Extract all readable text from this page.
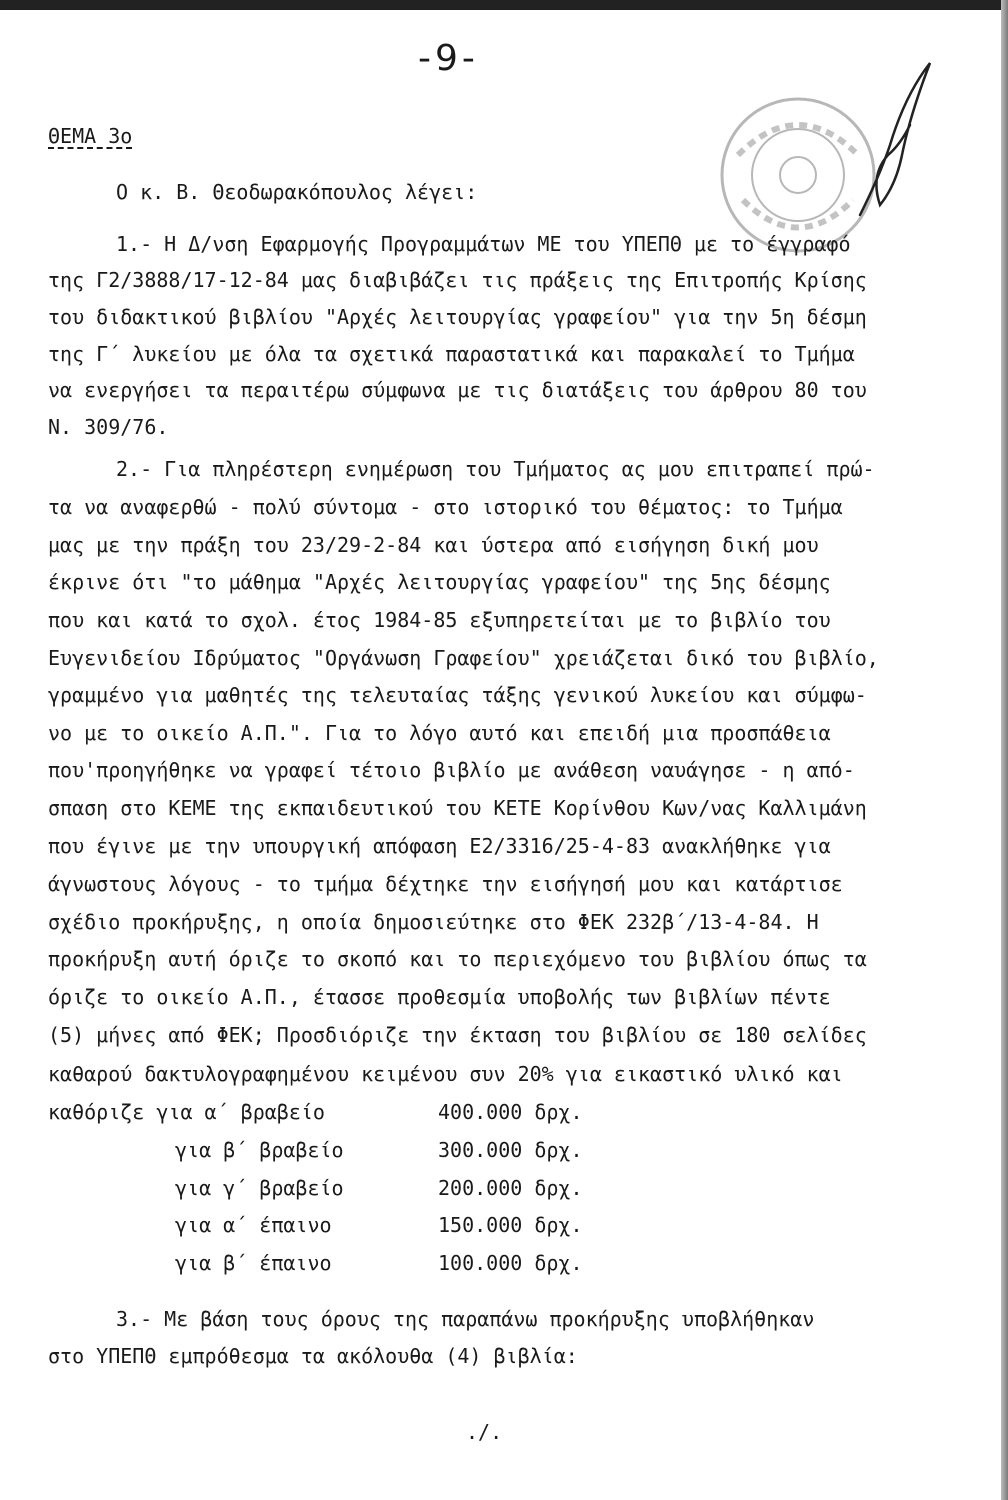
-9-
ΘΕΜΑ 3ο
Ο κ. Β. Θεοδωρακόπουλος λέγει:
1.- Η Δ/νση Εφαρμογής Προγραμμάτων ΜΕ του ΥΠΕΠΘ με το έγγραφό
της Γ2/3888/17-12-84 μας διαβιβάζει τις πράξεις της Επιτροπής Κρίσης
του διδακτικού βιβλίου "Αρχές λειτουργίας γραφείου" για την 5η δέσμη
της Γ΄ λυκείου με όλα τα σχετικά παραστατικά και παρακαλεί το Τμήμα
να ενεργήσει τα περαιτέρω σύμφωνα με τις διατάξεις του άρθρου 80 του
Ν. 309/76.
2.- Για πληρέστερη ενημέρωση του Τμήματος ας μου επιτραπεί πρώ-
τα να αναφερθώ - πολύ σύντομα - στο ιστορικό του θέματος: το Τμήμα
μας με την πράξη του 23/29-2-84 και ύστερα από εισήγηση δική μου
έκρινε ότι "το μάθημα "Αρχές λειτουργίας γραφείου" της 5ης δέσμης
που και κατά το σχολ. έτος 1984-85 εξυπηρετείται με το βιβλίο του
Ευγενιδείου Ιδρύματος "Οργάνωση Γραφείου" χρειάζεται δικό του βιβλίο,
γραμμένο για μαθητές της τελευταίας τάξης γενικού λυκείου και σύμφω-
νο με το οικείο Α.Π.". Για το λόγο αυτό και επειδή μια προσπάθεια
που'προηγήθηκε να γραφεί τέτοιο βιβλίο με ανάθεση ναυάγησε - η από-
σπαση στο ΚΕΜΕ της εκπαιδευτικού του ΚΕΤΕ Κορίνθου Κων/νας Καλλιμάνη
που έγινε με την υπουργική απόφαση Ε2/3316/25-4-83 ανακλήθηκε για
άγνωστους λόγους - το τμήμα δέχτηκε την εισήγησή μου και κατάρτισε
σχέδιο προκήρυξης, η οποία δημοσιεύτηκε στο ΦΕΚ 232β΄/13-4-84. Η
προκήρυξη αυτή όριζε το σκοπό και το περιεχόμενο του βιβλίου όπως τα
όριζε το οικείο Α.Π., έτασσε προθεσμία υποβολής των βιβλίων πέντε
(5) μήνες από ΦΕΚ; Προσδιόριζε την έκταση του βιβλίου σε 180 σελίδες
καθαρού δακτυλογραφημένου κειμένου συν 20% για εικαστικό υλικό και
καθόριζε για α΄ βραβείο	400.000 δρχ.
για β΄ βραβείο	300.000 δρχ.
για γ΄ βραβείο	200.000 δρχ.
για α΄ έπαινο	150.000 δρχ.
για β΄ έπαινο	100.000 δρχ.
3.- Με βάση τους όρους της παραπάνω προκήρυξης υποβλήθηκαν
στο ΥΠΕΠΘ εμπρόθεσμα τα ακόλουθα (4) βιβλία:
./.
